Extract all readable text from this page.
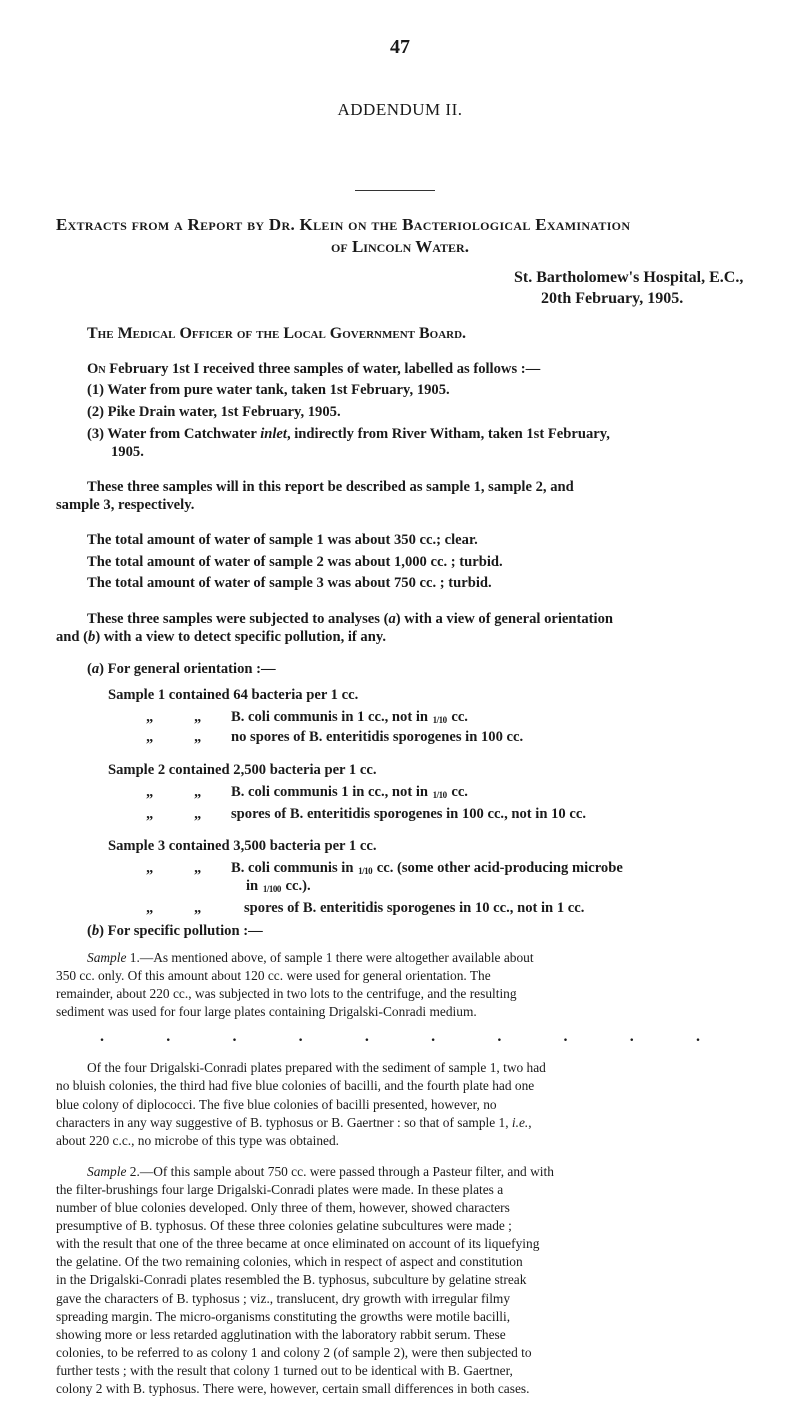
47
ADDENDUM II.
Extracts from a Report by Dr. Klein on the Bacteriological Examination
of Lincoln Water.
St. Bartholomew's Hospital, E.C.,
20th February, 1905.
The Medical Officer of the Local Government Board.
On February 1st I received three samples of water, labelled as follows :—
(1) Water from pure water tank, taken 1st February, 1905.
(2) Pike Drain water, 1st February, 1905.
(3) Water from Catchwater inlet, indirectly from River Witham, taken 1st February,
1905.
These three samples will in this report be described as sample 1, sample 2, and
sample 3, respectively.
The total amount of water of sample 1 was about 350 cc.; clear.
The total amount of water of sample 2 was about 1,000 cc. ; turbid.
The total amount of water of sample 3 was about 750 cc. ; turbid.
These three samples were subjected to analyses (a) with a view of general orientation
and (b) with a view to detect specific pollution, if any.
(a) For general orientation :—
Sample 1 contained 64 bacteria per 1 cc.
„	„ B. coli communis in 1 cc., not in 1/10 cc.
„	„ no spores of B. enteritidis sporogenes in 100 cc.
Sample 2 contained 2,500 bacteria per 1 cc.
„	„ B. coli communis 1 in cc., not in 1/10 cc.
„	„ spores of B. enteritidis sporogenes in 100 cc., not in 10 cc.
Sample 3 contained 3,500 bacteria per 1 cc.
„	„ B. coli communis in 1/10 cc. (some other acid-producing microbe
in 1/100 cc.).
„	„	spores of B. enteritidis sporogenes in 10 cc., not in 1 cc.
(b) For specific pollution :—
Sample 1.—As mentioned above, of sample 1 there were altogether available about
350 cc. only. Of this amount about 120 cc. were used for general orientation. The
remainder, about 220 cc., was subjected in two lots to the centrifuge, and the resulting
sediment was used for four large plates containing Drigalski-Conradi medium.
.	.	.	.	.	.	.	.	.	.
Of the four Drigalski-Conradi plates prepared with the sediment of sample 1, two had
no bluish colonies, the third had five blue colonies of bacilli, and the fourth plate had one
blue colony of diplococci. The five blue colonies of bacilli presented, however, no
characters in any way suggestive of B. typhosus or B. Gaertner : so that of sample 1, i.e.,
about 220 c.c., no microbe of this type was obtained.
Sample 2.—Of this sample about 750 cc. were passed through a Pasteur filter, and with
the filter-brushings four large Drigalski-Conradi plates were made. In these plates a
number of blue colonies developed. Only three of them, however, showed characters
presumptive of B. typhosus. Of these three colonies gelatine subcultures were made ;
with the result that one of the three became at once eliminated on account of its liquefying
the gelatine. Of the two remaining colonies, which in respect of aspect and constitution
in the Drigalski-Conradi plates resembled the B. typhosus, subculture by gelatine streak
gave the characters of B. typhosus ; viz., translucent, dry growth with irregular filmy
spreading margin. The micro-organisms constituting the growths were motile bacilli,
showing more or less retarded agglutination with the laboratory rabbit serum. These
colonies, to be referred to as colony 1 and colony 2 (of sample 2), were then subjected to
further tests ; with the result that colony 1 turned out to be identical with B. Gaertner,
colony 2 with B. typhosus. There were, however, certain small differences in both cases.
